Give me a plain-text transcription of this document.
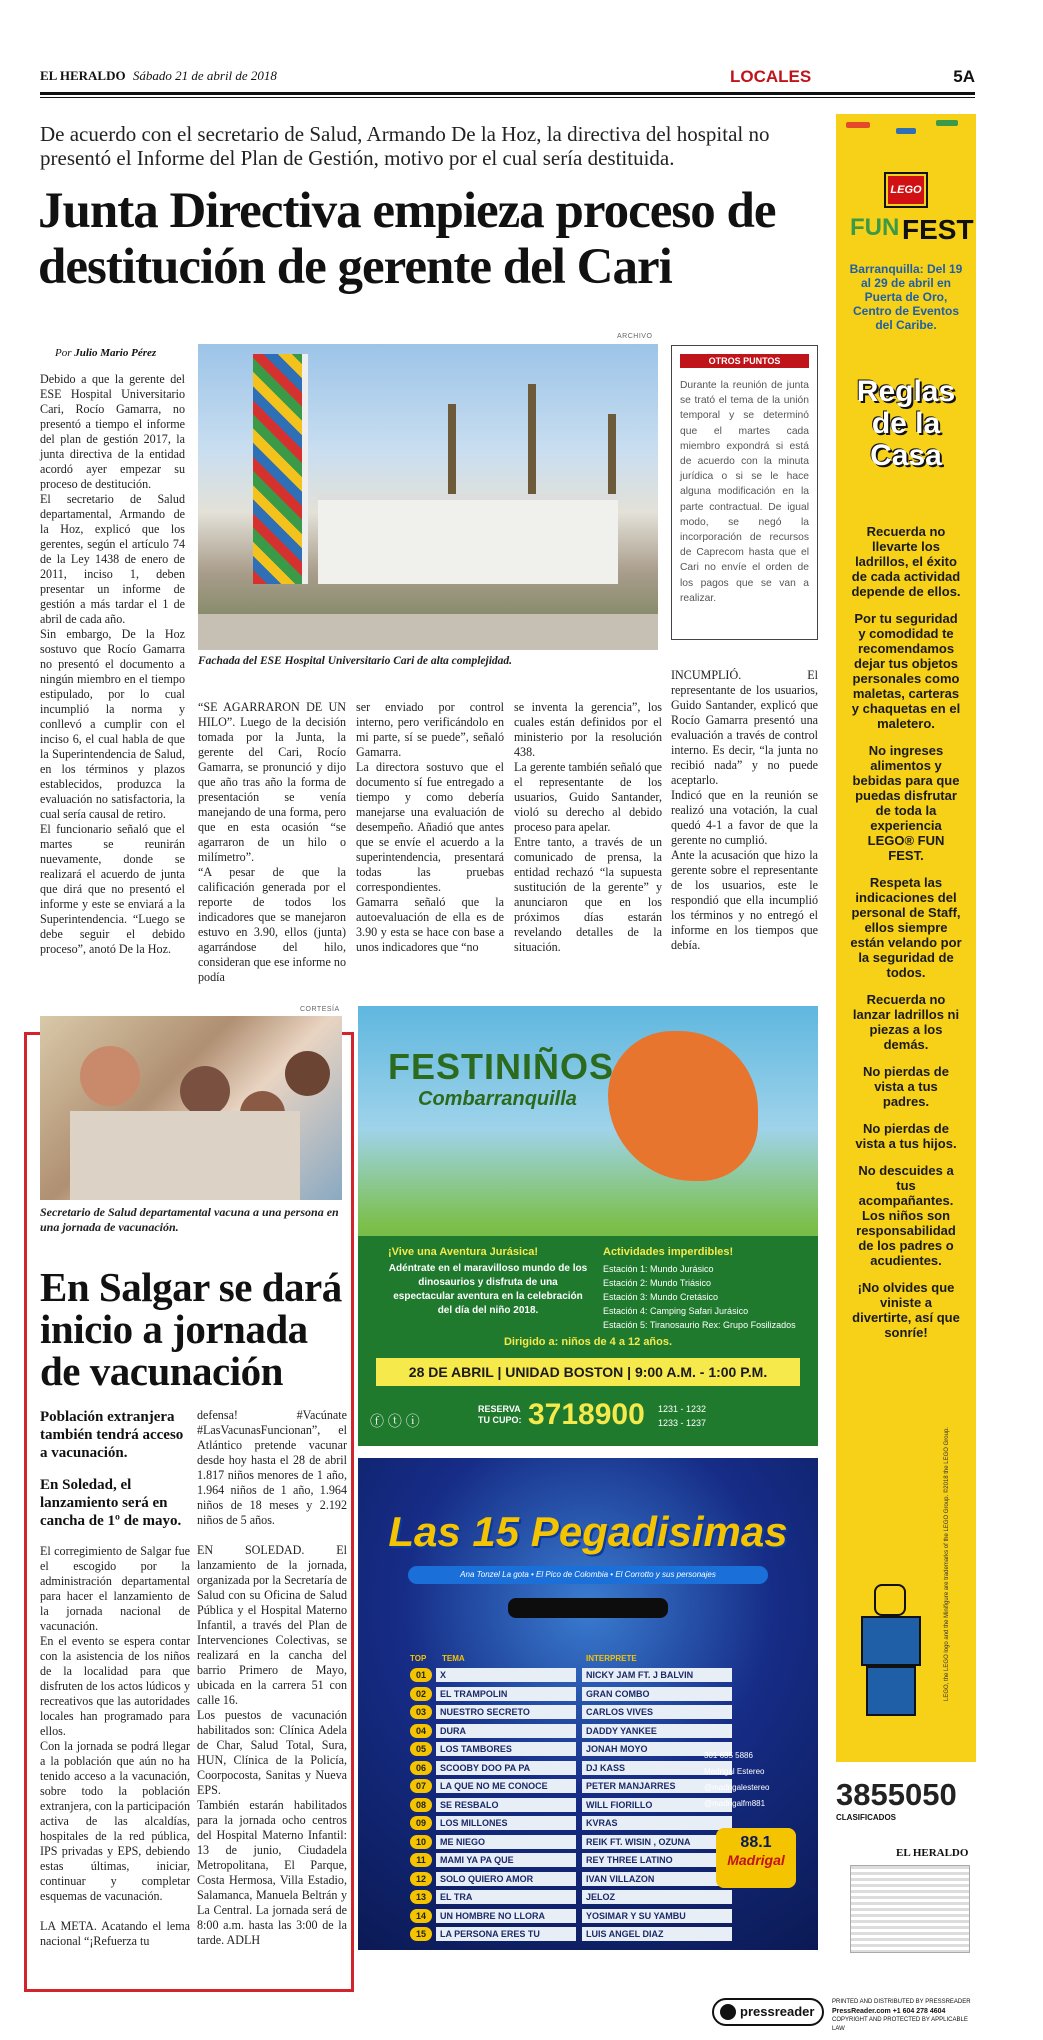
EL HERALDO Sábado 21 de abril de 2018	LOCALES	5A
De acuerdo con el secretario de Salud, Armando De la Hoz, la directiva del hospital no presentó el Informe del Plan de Gestión, motivo por el cual sería destituida.
Junta Directiva empieza proceso de destitución de gerente del Cari
Por Julio Mario Pérez
Debido a que la gerente del ESE Hospital Universitario Cari, Rocío Gamarra, no presentó a tiempo el informe del plan de gestión 2017, la junta directiva de la entidad acordó ayer empezar su proceso de destitución.
El secretario de Salud departamental, Armando de la Hoz, explicó que los gerentes, según el artículo 74 de la Ley 1438 de enero de 2011, inciso 1, deben presentar un informe de gestión a más tardar el 1 de abril de cada año.
Sin embargo, De la Hoz sostuvo que Rocío Gamarra no presentó el documento a ningún miembro en el tiempo estipulado, por lo cual incumplió la norma y conllevó a cumplir con el inciso 6, el cual habla de que la Superintendencia de Salud, en los términos y plazos establecidos, produzca la evaluación no satisfactoria, la cual sería causal de retiro.
El funcionario señaló que el martes se reunirán nuevamente, donde se realizará el acuerdo de junta que dirá que no presentó el informe y este se enviará a la Superintendencia. “Luego se debe seguir el debido proceso”, anotó De la Hoz.
ARCHIVO
Fachada del ESE Hospital Universitario Cari de alta complejidad.
OTROS PUNTOS
Durante la reunión de junta se trató el tema de la unión temporal y se determinó que el martes cada miembro expondrá si está de acuerdo con la minuta jurídica o si se le hace alguna modificación en la parte contractual. De igual modo, se negó la incorporación de recursos de Caprecom hasta que el Cari no envíe el orden de los pagos que se van a realizar.
“SE AGARRARON DE UN HILO”. Luego de la decisión tomada por la Junta, la gerente del Cari, Rocío Gamarra, se pronunció y dijo que año tras año la forma de presentación se venía manejando de una forma, pero que en esta ocasión “se agarraron de un hilo o milímetro”.
“A pesar de que la calificación generada por el reporte de todos los indicadores que se manejaron estuvo en 3.90, ellos (junta) agarrándose del hilo, consideran que ese informe no podía
ser enviado por control interno, pero verificándolo en mi parte, sí se puede”, señaló Gamarra.
La directora sostuvo que el documento sí fue entregado a tiempo y como debería manejarse una evaluación de desempeño. Añadió que antes que se envíe el acuerdo a la superintendencia, presentará todas las pruebas correspondientes.
Gamarra señaló que la autoevaluación de ella es de 3.90 y esta se hace con base a unos indicadores que “no
se inventa la gerencia”, los cuales están definidos por el ministerio por la resolución 438.
La gerente también señaló que el representante de los usuarios, Guido Santander, violó su derecho al debido proceso para apelar.
Entre tanto, a través de un comunicado de prensa, la entidad rechazó “la supuesta sustitución de la gerente” y anunciaron que en los próximos días estarán revelando detalles de la situación.
INCUMPLIÓ. El representante de los usuarios, Guido Santander, explicó que Rocío Gamarra presentó una evaluación a través de control interno. Es decir, “la junta no recibió nada” y no puede aceptarlo.
Indicó que en la reunión se realizó una votación, la cual quedó 4-1 a favor de que la gerente no cumplió.
Ante la acusación que hizo la gerente sobre el representante de los usuarios, este le respondió que ella incumplió los términos y no entregó el informe en los tiempos que debía.
CORTESÍA
Secretario de Salud departamental vacuna a una persona en una jornada de vacunación.
En Salgar se dará inicio a jornada de vacunación
Población extranjera también tendrá acceso a vacunación.
En Soledad, el lanzamiento será en cancha de 1º de mayo.
El corregimiento de Salgar fue el escogido por la administración departamental para hacer el lanzamiento de la jornada nacional de vacunación.
En el evento se espera contar con la asistencia de los niños de la localidad para que disfruten de los actos lúdicos y recreativos que las autoridades locales han programado para ellos.
Con la jornada se podrá llegar a la población que aún no ha tenido acceso a la vacunación, sobre todo la población extranjera, con la participación activa de las alcaldías, hospitales de la red pública, IPS privadas y EPS, debiendo estas últimas, iniciar, continuar y completar esquemas de vacunación.

LA META. Acatando el lema nacional “¡Refuerza tu
defensa! #Vacúnate #LasVacunasFuncionan”, el Atlántico pretende vacunar desde hoy hasta el 28 de abril 1.817 niños menores de 1 año, 1.964 niños de 1 año, 1.964 niños de 18 meses y 2.192 niños de 5 años.

EN SOLEDAD. El lanzamiento de la jornada, organizada por la Secretaría de Salud con su Oficina de Salud Pública y el Hospital Materno Infantil, a través del Plan de Intervenciones Colectivas, se realizará en la cancha del barrio Primero de Mayo, ubicada en la carrera 51 con calle 16.
Los puestos de vacunación habilitados son: Clínica Adela de Char, Salud Total, Sura, HUN, Clínica de la Policía, Coorpocosta, Sanitas y Nueva EPS.
También estarán habilitados para la jornada ocho centros del Hospital Materno Infantil: 13 de junio, Ciudadela Metropolitana, El Parque, Costa Hermosa, Villa Estadio, Salamanca, Manuela Beltrán y La Central. La jornada será de 8:00 a.m. hasta las 3:00 de la tarde. ADLH
FESTINIÑOS
Combarranquilla
¡Vive una Aventura Jurásica!
Adéntrate en el maravilloso mundo de los dinosaurios y disfruta de una espectacular aventura en la celebración del día del niño 2018.
Actividades imperdibles!
Estación 1: Mundo Jurásico
Estación 2: Mundo Triásico
Estación 3: Mundo Cretásico
Estación 4: Camping Safari Jurásico
Estación 5: Tiranosaurio Rex: Grupo Fosilizados
Dirigido a: niños de 4 a 12 años.
28 DE ABRIL | UNIDAD BOSTON | 9:00 A.M. - 1:00 P.M.
ⓕ ⓣ ⓘ
RESERVA TU CUPO: 3718900 1231 - 1232
1233 - 1237
Las 15 Pegadisimas
Ana Tonzel La gota • El Pico de Colombia • El Corrotto y sus personajes
TOP TEMA	INTERPRETE
01	X	NICKY JAM FT. J BALVIN
02	EL TRAMPOLIN	GRAN COMBO
03	NUESTRO SECRETO	CARLOS VIVES
04	DURA	DADDY YANKEE
05	LOS TAMBORES	JONAH MOYO
06	SCOOBY DOO PA PA	DJ KASS
07	LA QUE NO ME CONOCE	PETER MANJARRES
08	SE RESBALO	WILL FIORILLO
09	LOS MILLONES	KVRAS
10	ME NIEGO	REIK FT. WISIN , OZUNA
11	MAMI YA PA QUE	REY THREE LATINO
12	SOLO QUIERO AMOR	IVAN VILLAZON
13	EL TRA	JELOZ
14	UN HOMBRE NO LLORA	YOSIMAR Y SU YAMBU
15	LA PERSONA ERES TU	LUIS ANGEL DIAZ
301 635 5886
Madrigal Estereo
@madrigalestereo
@madrigalfm881
88.1
Madrigal
LEGO
FUN FEST
Barranquilla: Del 19 al 29 de abril en Puerta de Oro, Centro de Eventos del Caribe.
Reglas de la Casa
Recuerda no llevarte los ladrillos, el éxito de cada actividad depende de ellos.
Por tu seguridad y comodidad te recomendamos dejar tus objetos personales como maletas, carteras y chaquetas en el maletero.
No ingreses alimentos y bebidas para que puedas disfrutar de toda la experiencia LEGO® FUN FEST.
Respeta las indicaciones del personal de Staff, ellos siempre están velando por la seguridad de todos.
Recuerda no lanzar ladrillos ni piezas a los demás.
No pierdas de vista a tus padres.
No pierdas de vista a tus hijos.
No descuides a tus acompañantes. Los niños son responsabilidad de los padres o acudientes.
¡No olvides que viniste a divertirte, así que sonríe!
LEGO, the LEGO logo and the Minifigure are trademarks of the LEGO Group. ©2018 the LEGO Group.
3855050
CLASIFICADOS
EL HERALDO
pressreader
PRINTED AND DISTRIBUTED BY PRESSREADER
PressReader.com +1 604 278 4604
COPYRIGHT AND PROTECTED BY APPLICABLE LAW
